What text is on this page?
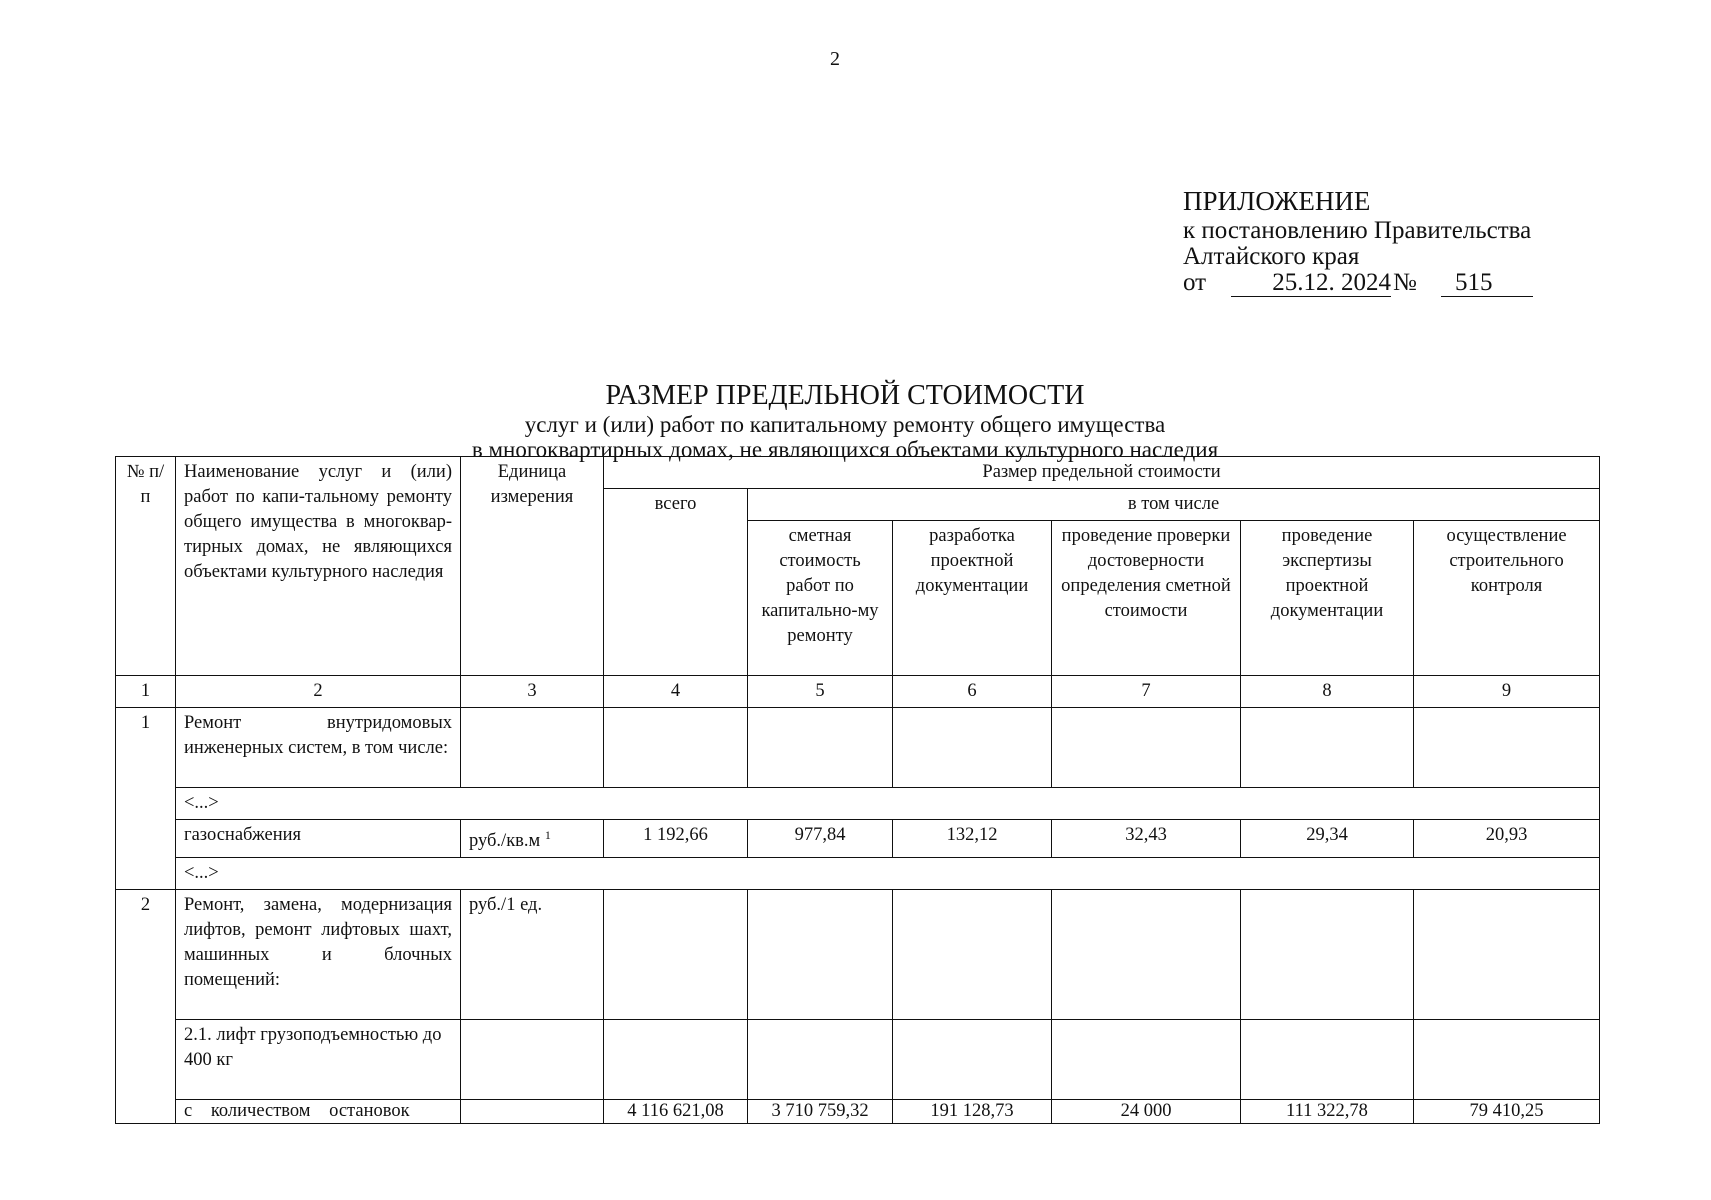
2
ПРИЛОЖЕНИЕ
к постановлению Правительства
Алтайского края
от	25.12. 2024 №	515
РАЗМЕР ПРЕДЕЛЬНОЙ СТОИМОСТИ
услуг и (или) работ по капитальному ремонту общего имущества
в многоквартирных домах, не являющихся объектами культурного наследия
№ п/п	Наименование услуг и (или) работ по капи-тальному ремонту общего имущества в многоквар-тирных домах, не являющихся объектами культурного наследия	Единица измерения	Размер предельной стоимости					
			всего	в том числе				
				сметная стоимость работ по капитально-му ремонту	разработка проектной документации	проведение проверки достоверности определения сметной стоимости	проведение экспертизы проектной документации	осуществление строительного контроля
1	2	3	4	5	6	7	8	9
1	Ремонт внутридомовых инженерных систем, в том числе:							
	<...>							
	газоснабжения	руб./кв.м $^1$	1 192,66	977,84	132,12	32,43	29,34	20,93
	<...>							
2	Ремонт, замена, модернизация лифтов, ремонт лифтовых шахт, машинных и блочных помещений:	руб./1 ед.						
	2.1. лифт грузоподъемностью до 400 кг							
	с количеством остановок		4 116 621,08	3 710 759,32	191 128,73	24 000	111 322,78	79 410,25
